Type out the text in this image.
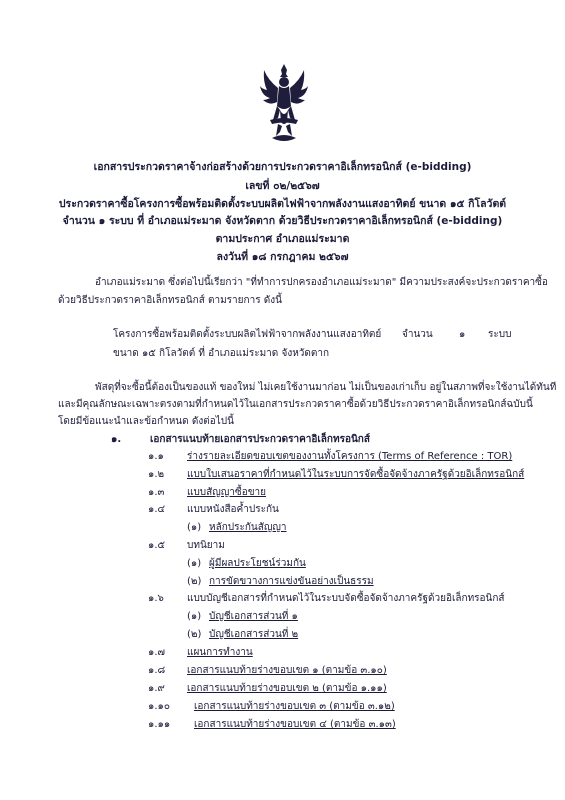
เอกสารประกวดราคาจ้างก่อสร้างด้วยการประกวดราคาอิเล็กทรอนิกส์ (e-bidding)
เลขที่ ๐๒/๒๕๖๗
ประกวดราคาซื้อโครงการซื้อพร้อมติดตั้งระบบผลิตไฟฟ้าจากพลังงานแสงอาทิตย์ ขนาด ๑๕ กิโลวัตต์
จำนวน ๑ ระบบ ที่ อำเภอแม่ระมาด จังหวัดตาก ด้วยวิธีประกวดราคาอิเล็กทรอนิกส์ (e-bidding)
ตามประกาศ อำเภอแม่ระมาด
ลงวันที่ ๑๘ กรกฎาคม ๒๕๖๗
อำเภอแม่ระมาด ซึ่งต่อไปนี้เรียกว่า "ที่ทำการปกครองอำเภอแม่ระมาด" มีความประสงค์จะประกวดราคาซื้อ
ด้วยวิธีประกวดราคาอิเล็กทรอนิกส์ ตามรายการ ดังนี้
โครงการซื้อพร้อมติดตั้งระบบผลิตไฟฟ้าจากพลังงานแสงอาทิตย์ จำนวน	๑ ระบบ
ขนาด ๑๕ กิโลวัตต์ ที่ อำเภอแม่ระมาด จังหวัดตาก
พัสดุที่จะซื้อนี้ต้องเป็นของแท้ ของใหม่ ไม่เคยใช้งานมาก่อน ไม่เป็นของเก่าเก็บ อยู่ในสภาพที่จะใช้งานได้ทันที
และมีคุณลักษณะเฉพาะตรงตามที่กำหนดไว้ในเอกสารประกวดราคาซื้อด้วยวิธีประกวดราคาอิเล็กทรอนิกส์ฉบับนี้
โดยมีข้อแนะนำและข้อกำหนด ดังต่อไปนี้
๑.	เอกสารแนบท้ายเอกสารประกวดราคาอิเล็กทรอนิกส์
๑.๑ ร่างรายละเอียดขอบเขตของงานทั้งโครงการ (Terms of Reference : TOR)
๑.๒ แบบใบเสนอราคาที่กำหนดไว้ในระบบการจัดซื้อจัดจ้างภาครัฐด้วยอิเล็กทรอนิกส์
๑.๓ แบบสัญญาซื้อขาย
๑.๔ แบบหนังสือค้ำประกัน
(๑) หลักประกันสัญญา
๑.๕ บทนิยาม
(๑) ผู้มีผลประโยชน์ร่วมกัน
(๒) การขัดขวางการแข่งขันอย่างเป็นธรรม
๑.๖ แบบบัญชีเอกสารที่กำหนดไว้ในระบบจัดซื้อจัดจ้างภาครัฐด้วยอิเล็กทรอนิกส์
(๑) บัญชีเอกสารส่วนที่ ๑
(๒) บัญชีเอกสารส่วนที่ ๒
๑.๗ แผนการทำงาน
๑.๘ เอกสารแนบท้ายร่างขอบเขต ๑ (ตามข้อ ๓.๑๐)
๑.๙ เอกสารแนบท้ายร่างขอบเขต ๒ (ตามข้อ ๑.๑๑)
๑.๑๐ เอกสารแนบท้ายร่างขอบเขต ๓ (ตามข้อ ๓.๑๒)
๑.๑๑ เอกสารแนบท้ายร่างขอบเขต ๔ (ตามข้อ ๓.๑๓)
